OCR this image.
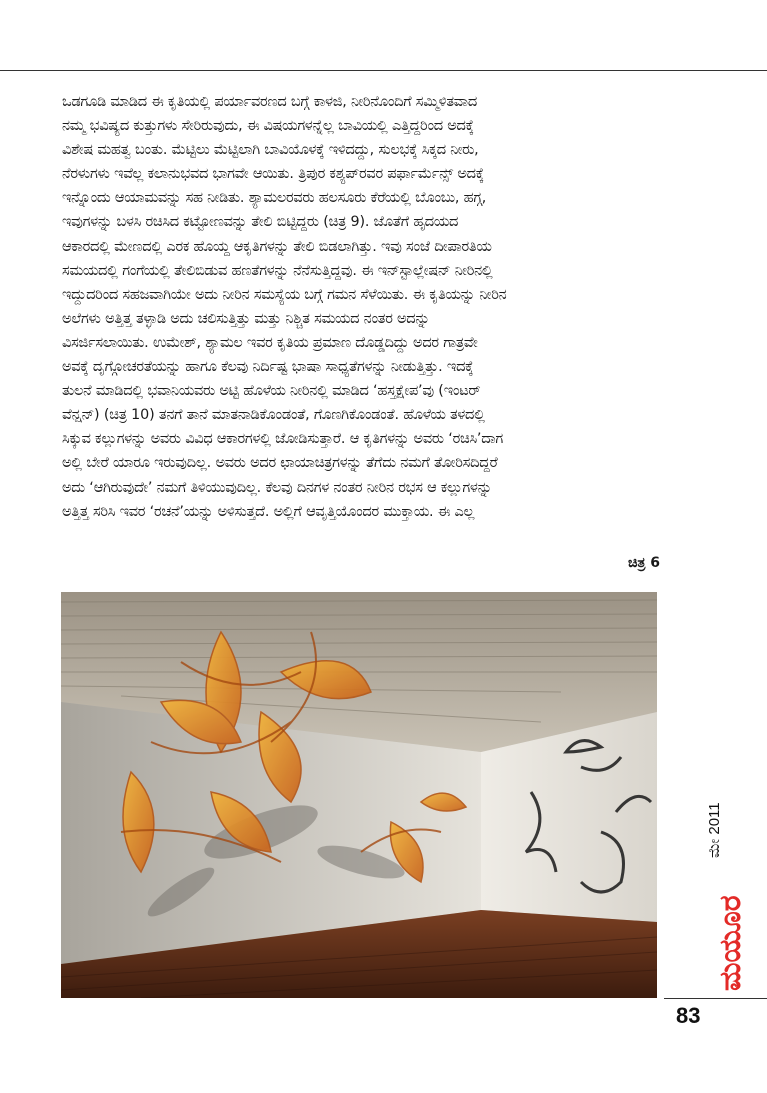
ಒಡಗೂಡಿ ಮಾಡಿದ ಈ ಕೃತಿಯಲ್ಲಿ ಪರ್ಯಾವರಣದ ಬಗ್ಗೆ ಕಾಳಜಿ, ನೀರಿನೊಂದಿಗೆ ಸಮ್ಮಿಳಿತವಾದ
ನಮ್ಮ ಭವಿಷ್ಯದ ಕುತ್ತುಗಳು ಸೇರಿರುವುದು, ಈ ವಿಷಯಗಳನ್ನೆಲ್ಲ ಬಾವಿಯಲ್ಲಿ ಎತ್ತಿದ್ದರಿಂದ ಅದಕ್ಕೆ
ವಿಶೇಷ ಮಹತ್ವ ಬಂತು. ಮೆಟ್ಟಿಲು ಮೆಟ್ಟಿಲಾಗಿ ಬಾವಿಯೊಳಕ್ಕೆ ಇಳಿದದ್ದು, ಸುಲಭಕ್ಕೆ ಸಿಕ್ಕದ ನೀರು,
ನೆರಳುಗಳು ಇವೆಲ್ಲ ಕಲಾನುಭವದ ಭಾಗವೇ ಆಯಿತು. ತ್ರಿಪುರ ಕಶ್ಯಪ್‌ರವರ ಪರ್ಫಾರ್ಮೆನ್ಸ್ ಅದಕ್ಕೆ
ಇನ್ನೊಂದು ಆಯಾಮವನ್ನು ಸಹ ನೀಡಿತು. ಶ್ಯಾಮಲರವರು ಹಲಸೂರು ಕೆರೆಯಲ್ಲಿ ಬೊಂಬು, ಹಗ್ಗ,
ಇವುಗಳನ್ನು ಬಳಸಿ ರಚಿಸಿದ ಕಟ್ಟೋಣವನ್ನು ತೇಲಿ ಬಿಟ್ಟಿದ್ದರು (ಚಿತ್ರ 9). ಜೊತೆಗೆ ಹೃದಯದ
ಆಕಾರದಲ್ಲಿ ಮೇಣದಲ್ಲಿ ಎರಕ ಹೊಯ್ದ ಆಕೃತಿಗಳನ್ನು ತೇಲಿ ಬಿಡಲಾಗಿತ್ತು. ಇವು ಸಂಜೆ ದೀಪಾರತಿಯ
ಸಮಯದಲ್ಲಿ ಗಂಗೆಯಲ್ಲಿ ತೇಲಿಬಿಡುವ ಹಣತೆಗಳನ್ನು ನೆನೆಸುತ್ತಿದ್ದವು. ಈ ಇನ್‌ಸ್ಟಾಲ್ಲೇಷನ್ ನೀರಿನಲ್ಲಿ
ಇದ್ದುದರಿಂದ ಸಹಜವಾಗಿಯೇ ಅದು ನೀರಿನ ಸಮಸ್ಯೆಯ ಬಗ್ಗೆ ಗಮನ ಸೆಳೆಯಿತು. ಈ ಕೃತಿಯನ್ನು ನೀರಿನ
ಅಲೆಗಳು ಅತ್ತಿತ್ತ ತಳ್ಳಾಡಿ ಅದು ಚಲಿಸುತ್ತಿತ್ತು ಮತ್ತು ನಿಶ್ಚಿತ ಸಮಯದ ನಂತರ ಅದನ್ನು
ವಿಸರ್ಜಿಸಲಾಯಿತು. ಉಮೇಶ್, ಶ್ಯಾಮಲ ಇವರ ಕೃತಿಯ ಪ್ರಮಾಣ ದೊಡ್ಡದಿದ್ದು ಅದರ ಗಾತ್ರವೇ
ಅವಕ್ಕೆ ದೃಗ್ಗೋಚರತೆಯನ್ನು ಹಾಗೂ ಕೆಲವು ನಿರ್ದಿಷ್ಟ ಭಾಷಾ ಸಾಧ್ಯತೆಗಳನ್ನು ನೀಡುತ್ತಿತ್ತು. ಇದಕ್ಕೆ
ತುಲನೆ ಮಾಡಿದಲ್ಲಿ ಭವಾನಿಯವರು ಅಟ್ಟಿ ಹೊಳೆಯ ನೀರಿನಲ್ಲಿ ಮಾಡಿದ ‘ಹಸ್ತಕ್ಷೇಪ’ವು (ಇಂಟರ್
ವೆನ್ಷನ್) (ಚಿತ್ರ 10) ತನಗೆ ತಾನೆ ಮಾತನಾಡಿಕೊಂಡಂತೆ, ಗೊಣಗಿಕೊಂಡಂತೆ. ಹೊಳೆಯ ತಳದಲ್ಲಿ
ಸಿಕ್ಕುವ ಕಲ್ಲುಗಳನ್ನು ಅವರು ವಿವಿಧ ಆಕಾರಗಳಲ್ಲಿ ಜೋಡಿಸುತ್ತಾರೆ. ಆ ಕೃತಿಗಳನ್ನು ಅವರು ‘ರಚಿಸಿ’ದಾಗ
ಅಲ್ಲಿ ಬೇರೆ ಯಾರೂ ಇರುವುದಿಲ್ಲ. ಅವರು ಅದರ ಛಾಯಾಚಿತ್ರಗಳನ್ನು ತೆಗೆದು ನಮಗೆ ತೋರಿಸದಿದ್ದರೆ
ಅದು ‘ಆಗಿರುವುದೇ’ ನಮಗೆ ತಿಳಿಯುವುದಿಲ್ಲ. ಕೆಲವು ದಿನಗಳ ನಂತರ ನೀರಿನ ರಭಸ ಆ ಕಲ್ಲುಗಳನ್ನು
ಅತ್ತಿತ್ತ ಸರಿಸಿ ಇವರ ‘ರಚನೆ’ಯನ್ನು ಅಳಿಸುತ್ತದೆ. ಅಲ್ಲಿಗೆ ಆವೃತ್ತಿಯೊಂದರ ಮುಕ್ತಾಯ. ಈ ಎಲ್ಲ
ಚಿತ್ರ 6
ಮೇ 2011
ಮಯೂರ
83
